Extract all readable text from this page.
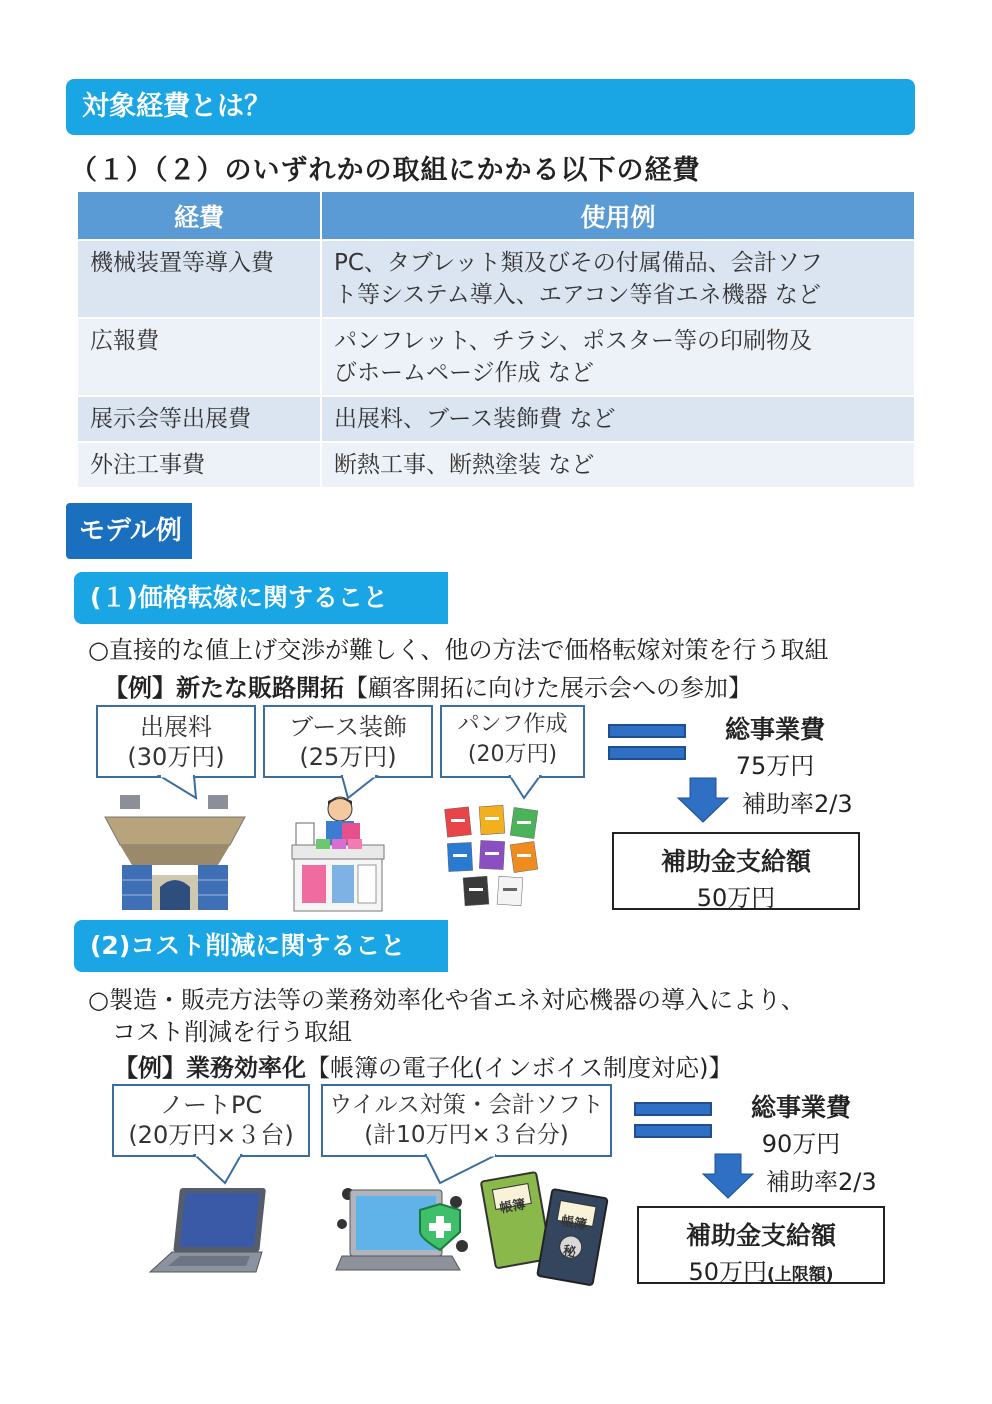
対象経費とは？
（１）（２）のいずれかの取組にかかる以下の経費
経費	使用例
機械装置等導入費	PC、タブレット類及びその付属備品、会計ソフ
ト等システム導入、エアコン等省エネ機器 など
広報費	パンフレット、チラシ、ポスター等の印刷物及
びホームページ作成 など
展示会等出展費	出展料、ブース装飾費 など
外注工事費	断熱工事、断熱塗装 など
モデル例
(１)価格転嫁に関すること
○直接的な値上げ交渉が難しく、他の方法で価格転嫁対策を行う取組
【例】新たな販路開拓【顧客開拓に向けた展示会への参加】
出展料
(30万円)
ブース装飾
(25万円)
パンフ作成
(20万円)
総事業費
75万円
補助率2/3
補助金支給額
50万円
(2)コスト削減に関すること
○製造・販売方法等の業務効率化や省エネ対応機器の導入により、
コスト削減を行う取組
【例】業務効率化【帳簿の電子化(インボイス制度対応)】
ノートPC
(20万円×３台)
ウイルス対策・会計ソフト
(計10万円×３台分)
帳簿
帳簿
秘
総事業費
90万円
補助率2/3
補助金支給額
50万円(上限額)
